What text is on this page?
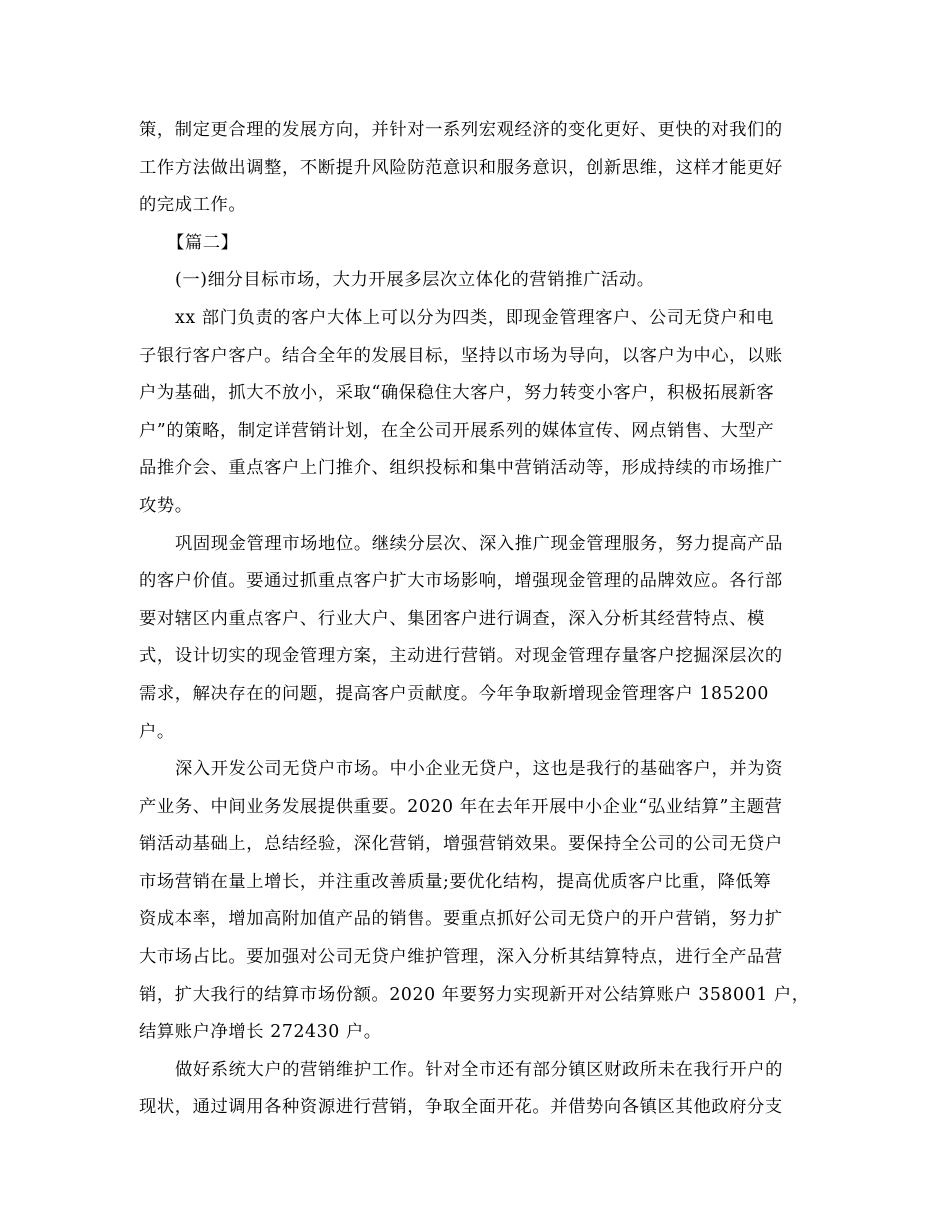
策，制定更合理的发展方向，并针对一系列宏观经济的变化更好、更快的对我们的
工作方法做出调整，不断提升风险防范意识和服务意识，创新思维，这样才能更好
的完成工作。
【篇二】
(一)细分目标市场，大力开展多层次立体化的营销推广活动。
xx 部门负责的客户大体上可以分为四类，即现金管理客户、公司无贷户和电
子银行客户客户。结合全年的发展目标，坚持以市场为导向，以客户为中心，以账
户为基础，抓大不放小，采取“确保稳住大客户，努力转变小客户，积极拓展新客
户”的策略，制定详营销计划，在全公司开展系列的媒体宣传、网点销售、大型产
品推介会、重点客户上门推介、组织投标和集中营销活动等，形成持续的市场推广
攻势。
巩固现金管理市场地位。继续分层次、深入推广现金管理服务，努力提高产品
的客户价值。要通过抓重点客户扩大市场影响，增强现金管理的品牌效应。各行部
要对辖区内重点客户、行业大户、集团客户进行调查，深入分析其经营特点、模
式，设计切实的现金管理方案，主动进行营销。对现金管理存量客户挖掘深层次的
需求，解决存在的问题，提高客户贡献度。今年争取新增现金管理客户 185200
户。
深入开发公司无贷户市场。中小企业无贷户，这也是我行的基础客户，并为资
产业务、中间业务发展提供重要。2020 年在去年开展中小企业“弘业结算”主题营
销活动基础上，总结经验，深化营销，增强营销效果。要保持全公司的公司无贷户
市场营销在量上增长，并注重改善质量;要优化结构，提高优质客户比重，降低筹
资成本率，增加高附加值产品的销售。要重点抓好公司无贷户的开户营销，努力扩
大市场占比。要加强对公司无贷户维护管理，深入分析其结算特点，进行全产品营
销，扩大我行的结算市场份额。2020 年要努力实现新开对公结算账户 358001 户，
结算账户净增长 272430 户。
做好系统大户的营销维护工作。针对全市还有部分镇区财政所未在我行开户的
现状，通过调用各种资源进行营销，争取全面开花。并借势向各镇区其他政府分支
